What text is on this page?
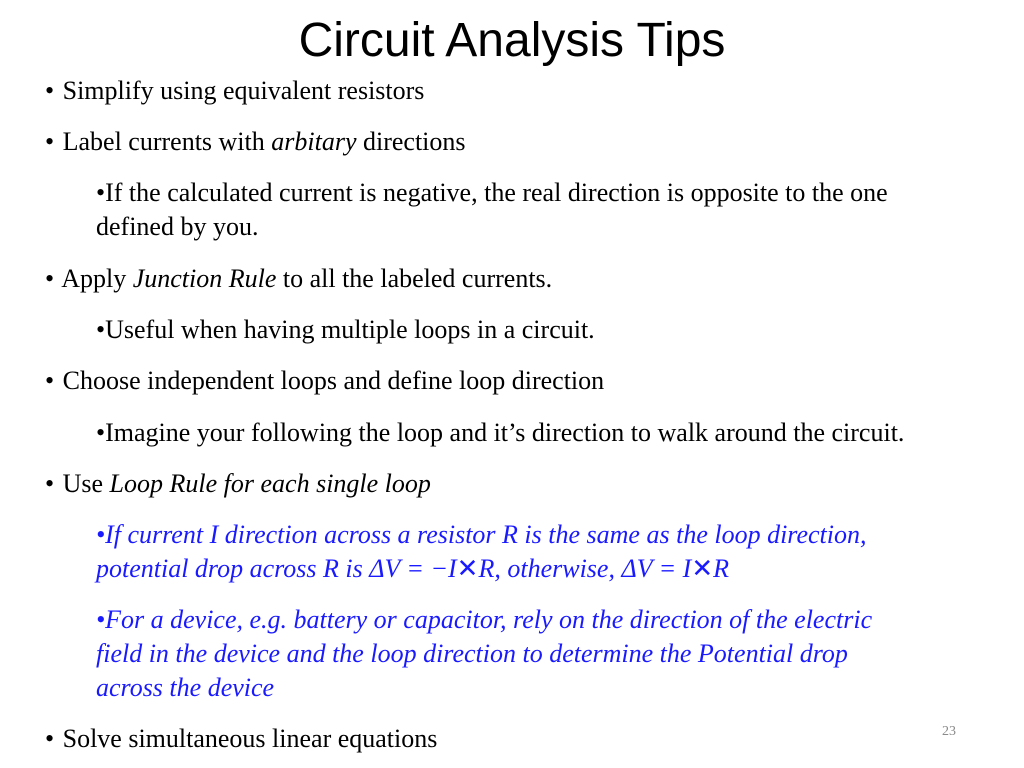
Circuit Analysis Tips
• Simplify using equivalent resistors
• Label currents with arbitary directions
•If the calculated current is negative, the real direction is opposite to the one
defined by you.
• Apply Junction Rule to all the labeled currents.
•Useful when having multiple loops in a circuit.
• Choose independent loops and define loop direction
•Imagine your following the loop and it’s direction to walk around the circuit.
• Use Loop Rule for each single loop
•If current I direction across a resistor R is the same as the loop direction,
potential drop across R is ΔV = −I✕R, otherwise, ΔV = I✕R
•For a device, e.g. battery or capacitor, rely on the direction of the electric
field in the device and the loop direction to determine the Potential drop
across the device
• Solve simultaneous linear equations	23
